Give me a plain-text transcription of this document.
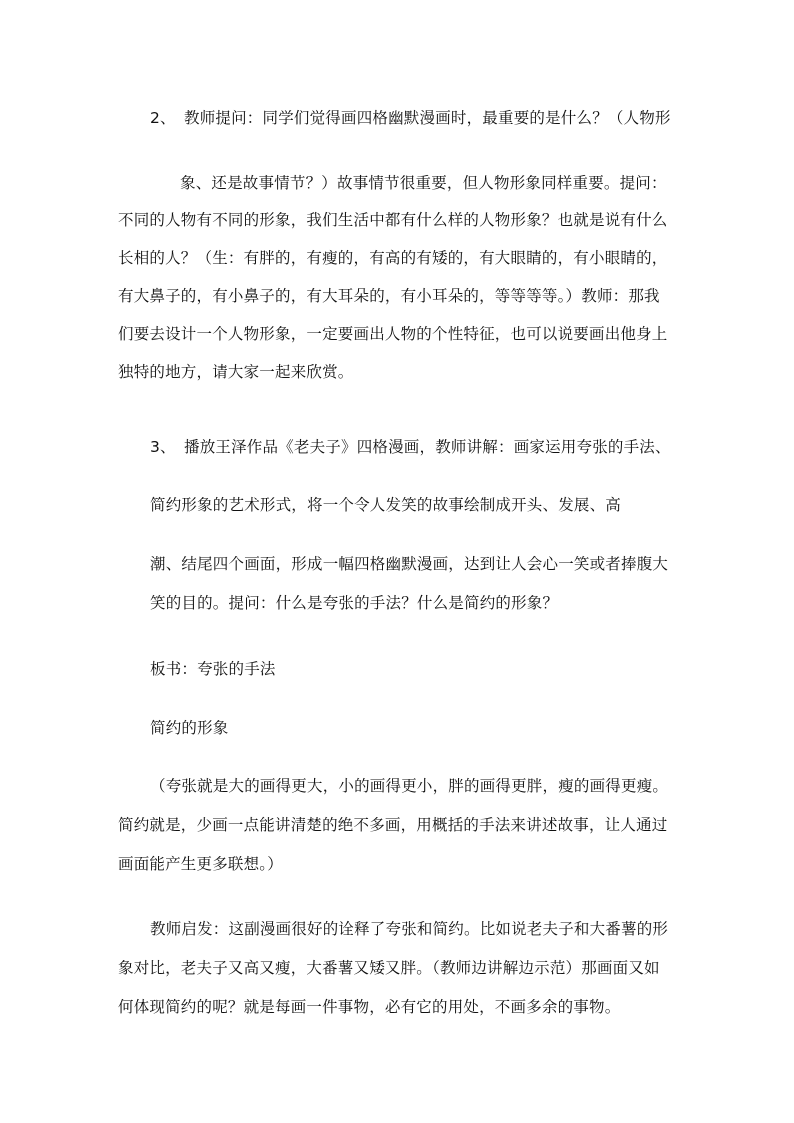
2、 教师提问：同学们觉得画四格幽默漫画时，最重要的是什么？（人物形
象、还是故事情节？）故事情节很重要，但人物形象同样重要。提问：
不同的人物有不同的形象，我们生活中都有什么样的人物形象？也就是说有什么
长相的人？（生：有胖的，有瘦的，有高的有矮的，有大眼睛的，有小眼睛的，
有大鼻子的，有小鼻子的，有大耳朵的，有小耳朵的，等等等等。）教师：那我
们要去设计一个人物形象，一定要画出人物的个性特征，也可以说要画出他身上
独特的地方，请大家一起来欣赏。
3、 播放王泽作品《老夫子》四格漫画，教师讲解：画家运用夸张的手法、
简约形象的艺术形式，将一个令人发笑的故事绘制成开头、发展、高
潮、结尾四个画面，形成一幅四格幽默漫画，达到让人会心一笑或者捧腹大
笑的目的。提问：什么是夸张的手法？什么是简约的形象？
板书：夸张的手法
简约的形象
（夸张就是大的画得更大，小的画得更小，胖的画得更胖，瘦的画得更瘦。
简约就是，少画一点能讲清楚的绝不多画，用概括的手法来讲述故事，让人通过
画面能产生更多联想。）
教师启发：这副漫画很好的诠释了夸张和简约。比如说老夫子和大番薯的形
象对比，老夫子又高又瘦，大番薯又矮又胖。（教师边讲解边示范）那画面又如
何体现简约的呢？就是每画一件事物，必有它的用处，不画多余的事物。
